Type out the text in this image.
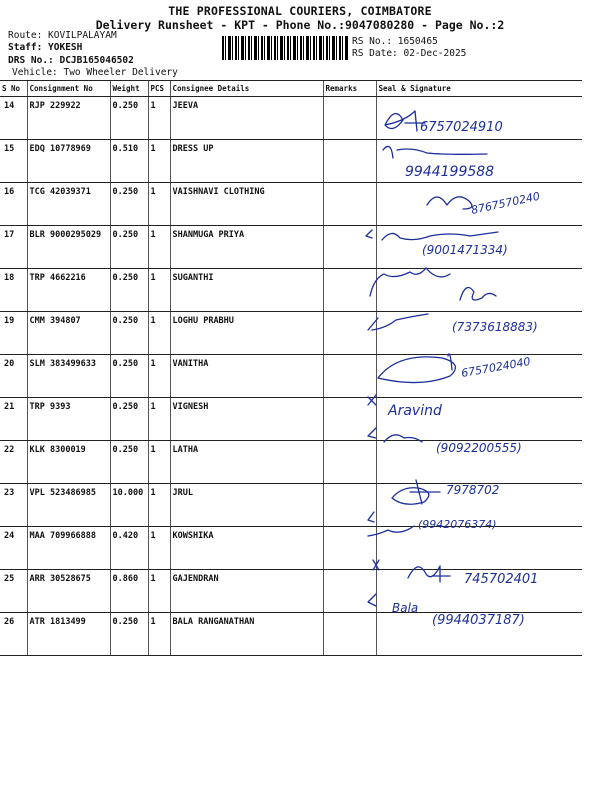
THE PROFESSIONAL COURIERS, COIMBATORE
Delivery Runsheet - KPT - Phone No.:9047080280 - Page No.:2
Route: KOVILPALAYAM
Staff: YOKESH
DRS No.: DCJB165046502
Vehicle: Two Wheeler Delivery
RS No.: 1650465
RS Date: 02-Dec-2025
S No	Consignment No	Weight	PCS	Consignee Details	Remarks	Seal & Signature
14	RJP 229922	0.250	1	JEEVA		
15	EDQ 10778969	0.510	1	DRESS UP		
16	TCG 42039371	0.250	1	VAISHNAVI CLOTHING		
17	BLR 9000295029	0.250	1	SHANMUGA PRIYA		
18	TRP 4662216	0.250	1	SUGANTHI		
19	CMM 394807	0.250	1	LOGHU PRABHU		
20	SLM 383499633	0.250	1	VANITHA		
21	TRP 9393	0.250	1	VIGNESH		
22	KLK 8300019	0.250	1	LATHA		
23	VPL 523486985	10.000	1	JRUL		
24	MAA 709966888	0.420	1	KOWSHIKA		
25	ARR 30528675	0.860	1	GAJENDRAN		
26	ATR 1813499	0.250	1	BALA RANGANATHAN		
6757024910
9944199588
8767570240
(9001471334)
(7373618883)
6757024040
Aravind
(9092200555)
7978702
(9942076374)
745702401
Bala
(9944037187)
